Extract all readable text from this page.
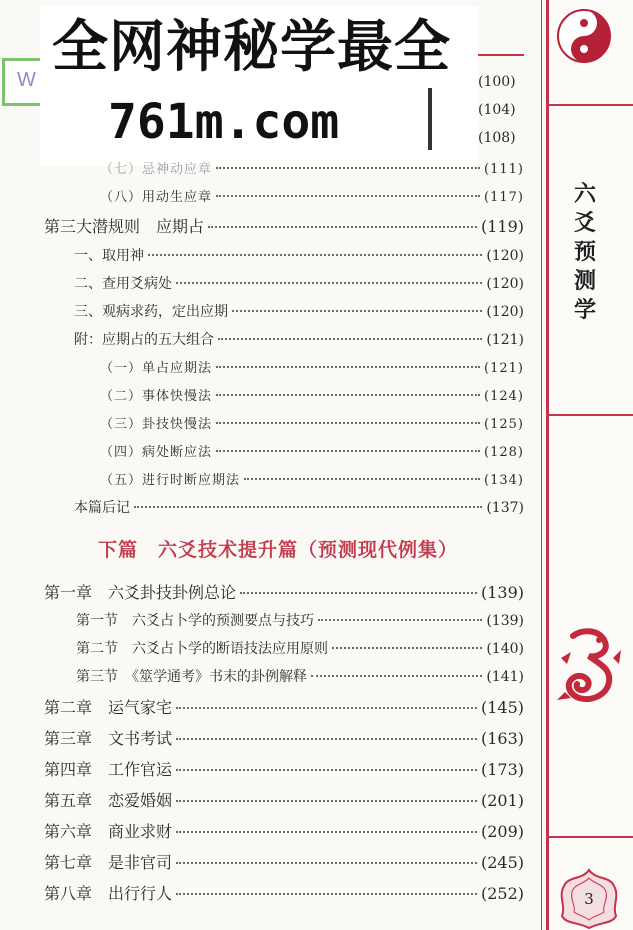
六爻预测学
3
W 全网神秘学最全
761m.com
(100)
(104)
(108)
（七）忌神动应章	(111)
（八）用动生应章	(117)
第三大潜规则　应期占	(119)
一、取用神	(120)
二、查用爻病处	(120)
三、观病求药，定出应期	(120)
附：应期占的五大组合	(121)
（一）单占应期法	(121)
（二）事体快慢法	(124)
（三）卦技快慢法	(125)
（四）病处断应法	(128)
（五）进行时断应期法	(134)
本篇后记	(137)
下篇　六爻技术提升篇（预测现代例集）
第一章　六爻卦技卦例总论	(139)
第一节　六爻占卜学的预测要点与技巧	(139)
第二节　六爻占卜学的断语技法应用原则	(140)
第三节　《筮学通考》书末的卦例解释	(141)
第二章　运气家宅	(145)
第三章　文书考试	(163)
第四章　工作官运	(173)
第五章　恋爱婚姻	(201)
第六章　商业求财	(209)
第七章　是非官司	(245)
第八章　出行行人	(252)
